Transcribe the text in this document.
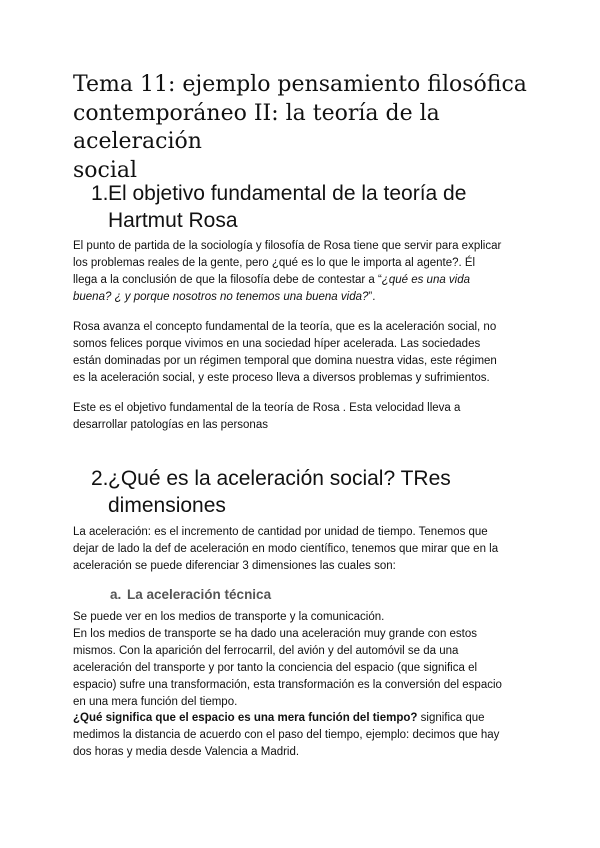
Tema 11: ejemplo pensamiento filosófica
contemporáneo II: la teoría de la aceleración
social
1.El objetivo fundamental de la teoría de
Hartmut Rosa

El punto de partida de la sociología y filosofía de Rosa tiene que servir para explicar
los problemas reales de la gente, pero ¿qué es lo que le importa al agente?. Él
llega a la conclusión de que la filosofía debe de contestar a “¿qué es una vida
buena? ¿ y porque nosotros no tenemos una buena vida?”.

Rosa avanza el concepto fundamental de la teoría, que es la aceleración social, no
somos felices porque vivimos en una sociedad híper acelerada. Las sociedades
están dominadas por un régimen temporal que domina nuestra vidas, este régimen
es la aceleración social, y este proceso lleva a diversos problemas y sufrimientos.

Este es el objetivo fundamental de la teoría de Rosa . Esta velocidad lleva a
desarrollar patologías en las personas

2.¿Qué es la aceleración social? TRes
dimensiones

La aceleración: es el incremento de cantidad por unidad de tiempo. Tenemos que
dejar de lado la def de aceleración en modo científico, tenemos que mirar que en la
aceleración se puede diferenciar 3 dimensiones las cuales son:

a. La aceleración técnica

Se puede ver en los medios de transporte y la comunicación.
En los medios de transporte se ha dado una aceleración muy grande con estos
mismos. Con la aparición del ferrocarril, del avión y del automóvil se da una
aceleración del transporte y por tanto la conciencia del espacio (que significa el
espacio) sufre una transformación, esta transformación es la conversión del espacio
en una mera función del tiempo.
¿Qué significa que el espacio es una mera función del tiempo? significa que
medimos la distancia de acuerdo con el paso del tiempo, ejemplo: decimos que hay
dos horas y media desde Valencia a Madrid.
